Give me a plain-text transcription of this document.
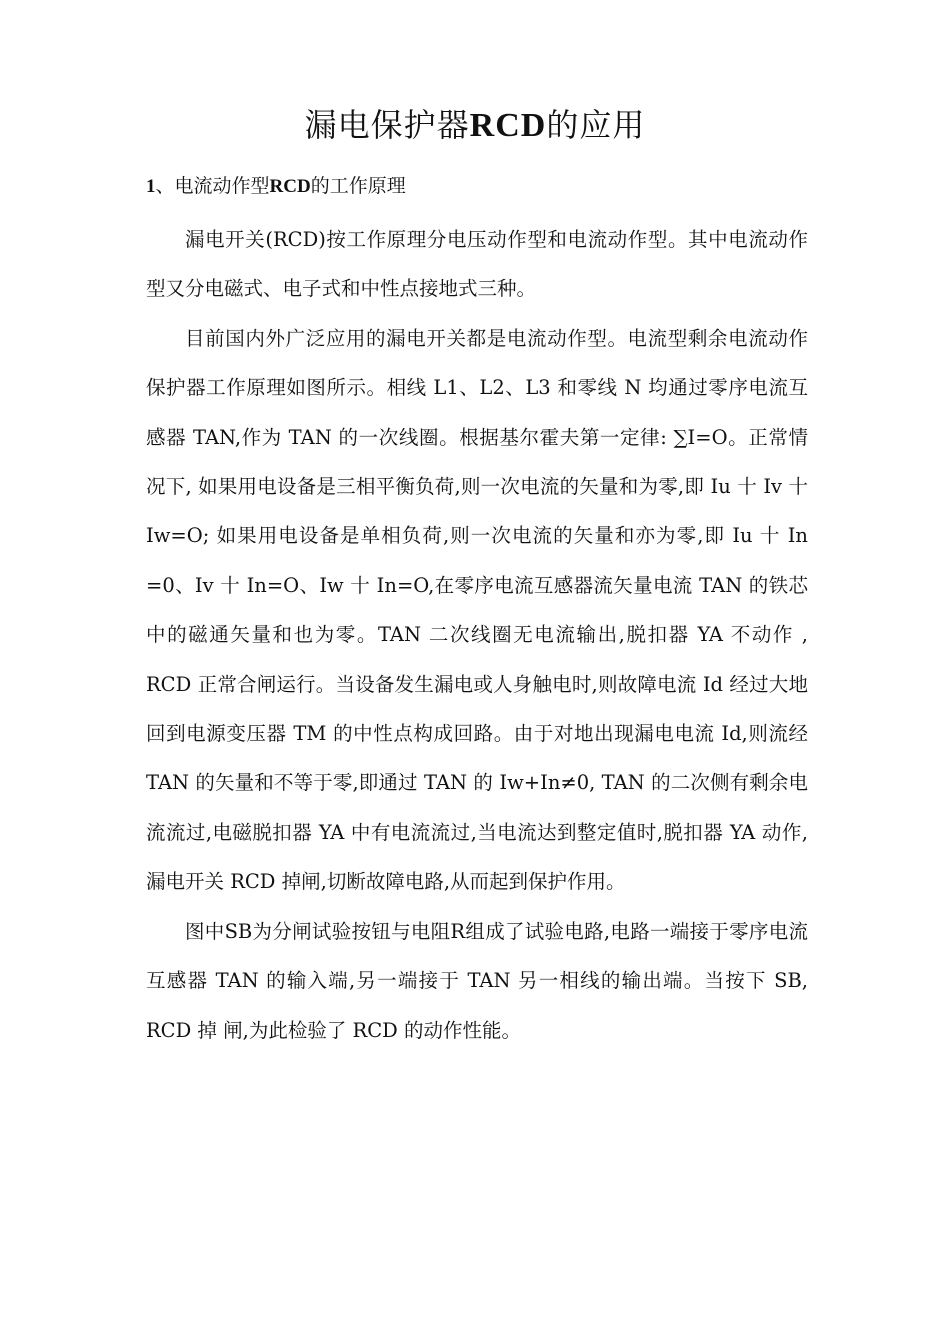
漏电保护器RCD的应用
1、电流动作型RCD的工作原理

漏电开关(RCD)按工作原理分电压动作型和电流动作型。其中电流动作型又分电磁式、电子式和中性点接地式三种。

目前国内外广泛应用的漏电开关都是电流动作型。电流型剩余电流动作保护器工作原理如图所示。相线 L1、L2、L3 和零线 N 均通过零序电流互感器 TAN,作为 TAN 的一次线圈。根据基尔霍夫第一定律: ∑I=O。正常情况下, 如果用电设备是三相平衡负荷,则一次电流的矢量和为零,即 Iu 十 Iv 十 Iw=O; 如果用电设备是单相负荷,则一次电流的矢量和亦为零,即 Iu 十 In =0、Iv 十 In=O、Iw 十 In=O,在零序电流互感器流矢量电流 TAN 的铁芯中的磁通矢量和也为零。TAN 二次线圈无电流输出,脱扣器 YA 不动作 , RCD 正常合闸运行。当设备发生漏电或人身触电时,则故障电流 Id 经过大地回到电源变压器 TM 的中性点构成回路。由于对地出现漏电电流 Id,则流经 TAN 的矢量和不等于零,即通过 TAN 的 Iw+In≠0, TAN 的二次侧有剩余电流流过,电磁脱扣器 YA 中有电流流过,当电流达到整定值时,脱扣器 YA 动作,漏电开关 RCD 掉闸,切断故障电路,从而起到保护作用。

图中SB为分闸试验按钮与电阻R组成了试验电路,电路一端接于零序电流互感器 TAN 的输入端,另一端接于 TAN 另一相线的输出端。当按下 SB, RCD 掉 闸,为此检验了 RCD 的动作性能。
